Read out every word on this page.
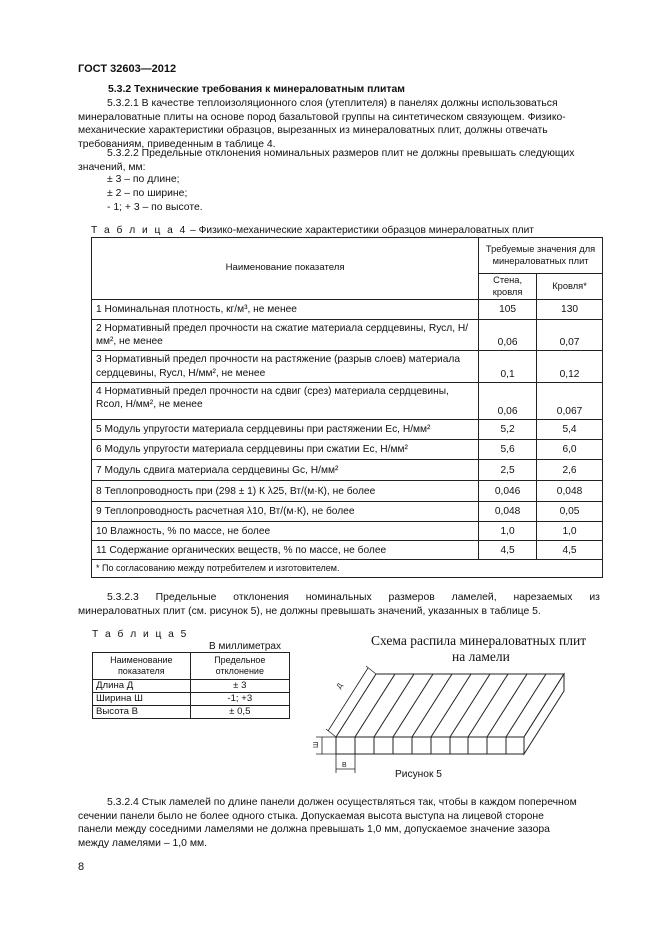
ГОСТ 32603—2012
5.3.2 Технические требования к минераловатным плитам
5.3.2.1 В качестве теплоизоляционного слоя (утеплителя) в панелях должны использоваться
минераловатные плиты на основе пород базальтовой группы на синтетическом связующем. Физико-
механические характеристики образцов, вырезанных из минераловатных плит, должны отвечать
требованиям, приведенным в таблице 4.
5.3.2.2 Предельные отклонения номинальных размеров плит не должны превышать следующих
значений, мм:
± 3 – по длине;
± 2 – по ширине;
- 1; + 3 – по высоте.
Т а б л и ц а 4 – Физико-механические характеристики образцов минераловатных плит
Наименование показателя	Требуемые значения для минераловатных плит	
	Стена, кровля	Кровля*
1 Номинальная плотность, кг/м³, не менее	105	130
2 Нормативный предел прочности на сжатие материала сердцевины, Rусл, Н/мм², не менее	0,06	0,07
3 Нормативный предел прочности на растяжение (разрыв слоев) материала сердцевины, Rусл, Н/мм², не менее	0,1	0,12
4 Нормативный предел прочности на сдвиг (срез) материала сердцевины, Rсол, Н/мм², не менее	0,06	0,067
5 Модуль упругости материала сердцевины при растяжении Ec, Н/мм²	5,2	5,4
6 Модуль упругости материала сердцевины при сжатии Ec, Н/мм²	5,6	6,0
7 Модуль сдвига материала сердцевины Gc, Н/мм²	2,5	2,6
8 Теплопроводность при (298 ± 1) К λ25, Вт/(м·К), не более	0,046	0,048
9 Теплопроводность расчетная λ10, Вт/(м·К), не более	0,048	0,05
10 Влажность, % по массе, не более	1,0	1,0
11 Содержание органических веществ, % по массе, не более	4,5	4,5
* По согласованию между потребителем и изготовителем.		
5.3.2.3 Предельные отклонения номинальных размеров ламелей, нарезаемых из
минераловатных плит (см. рисунок 5), не должны превышать значений, указанных в таблице 5.
Т а б л и ц а 5
В миллиметрах
Наименование показателя	Предельное отклонение
Длина Д	± 3
Ширина Ш	-1; +3
Высота В	± 0,5
Схема распила минераловатных плит
на ламели
Д
Ш
В
Рисунок 5
5.3.2.4 Стык ламелей по длине панели должен осуществляться так, чтобы в каждом поперечном
сечении панели было не более одного стыка. Допускаемая высота выступа на лицевой стороне
панели между соседними ламелями не должна превышать 1,0 мм, допускаемое значение зазора
между ламелями – 1,0 мм.
8
